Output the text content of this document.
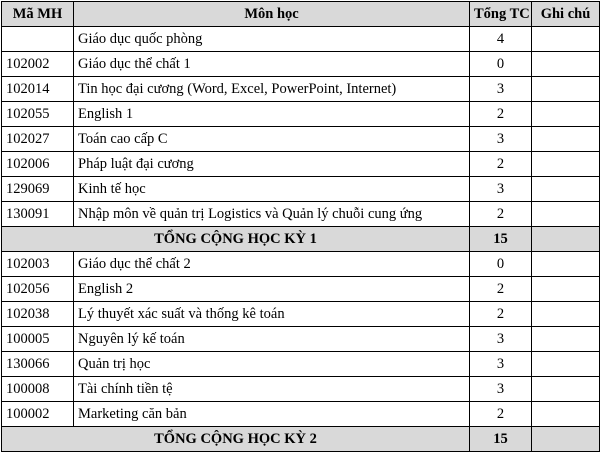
Mã MH	Môn học	Tổng TC	Ghi chú
	Giáo dục quốc phòng	4	
102002	Giáo dục thể chất 1	0	
102014	Tin học đại cương (Word, Excel, PowerPoint, Internet)	3	
102055	English 1	2	
102027	Toán cao cấp C	3	
102006	Pháp luật đại cương	2	
129069	Kinh tế học	3	
130091	Nhập môn về quản trị Logistics và Quản lý chuỗi cung ứng	2	
TỔNG CỘNG HỌC KỲ 1		15	
102003	Giáo dục thể chất 2	0	
102056	English 2	2	
102038	Lý thuyết xác suất và thống kê toán	2	
100005	Nguyên lý kế toán	3	
130066	Quản trị học	3	
100008	Tài chính tiền tệ	3	
100002	Marketing căn bản	2	
TỔNG CỘNG HỌC KỲ 2		15	
